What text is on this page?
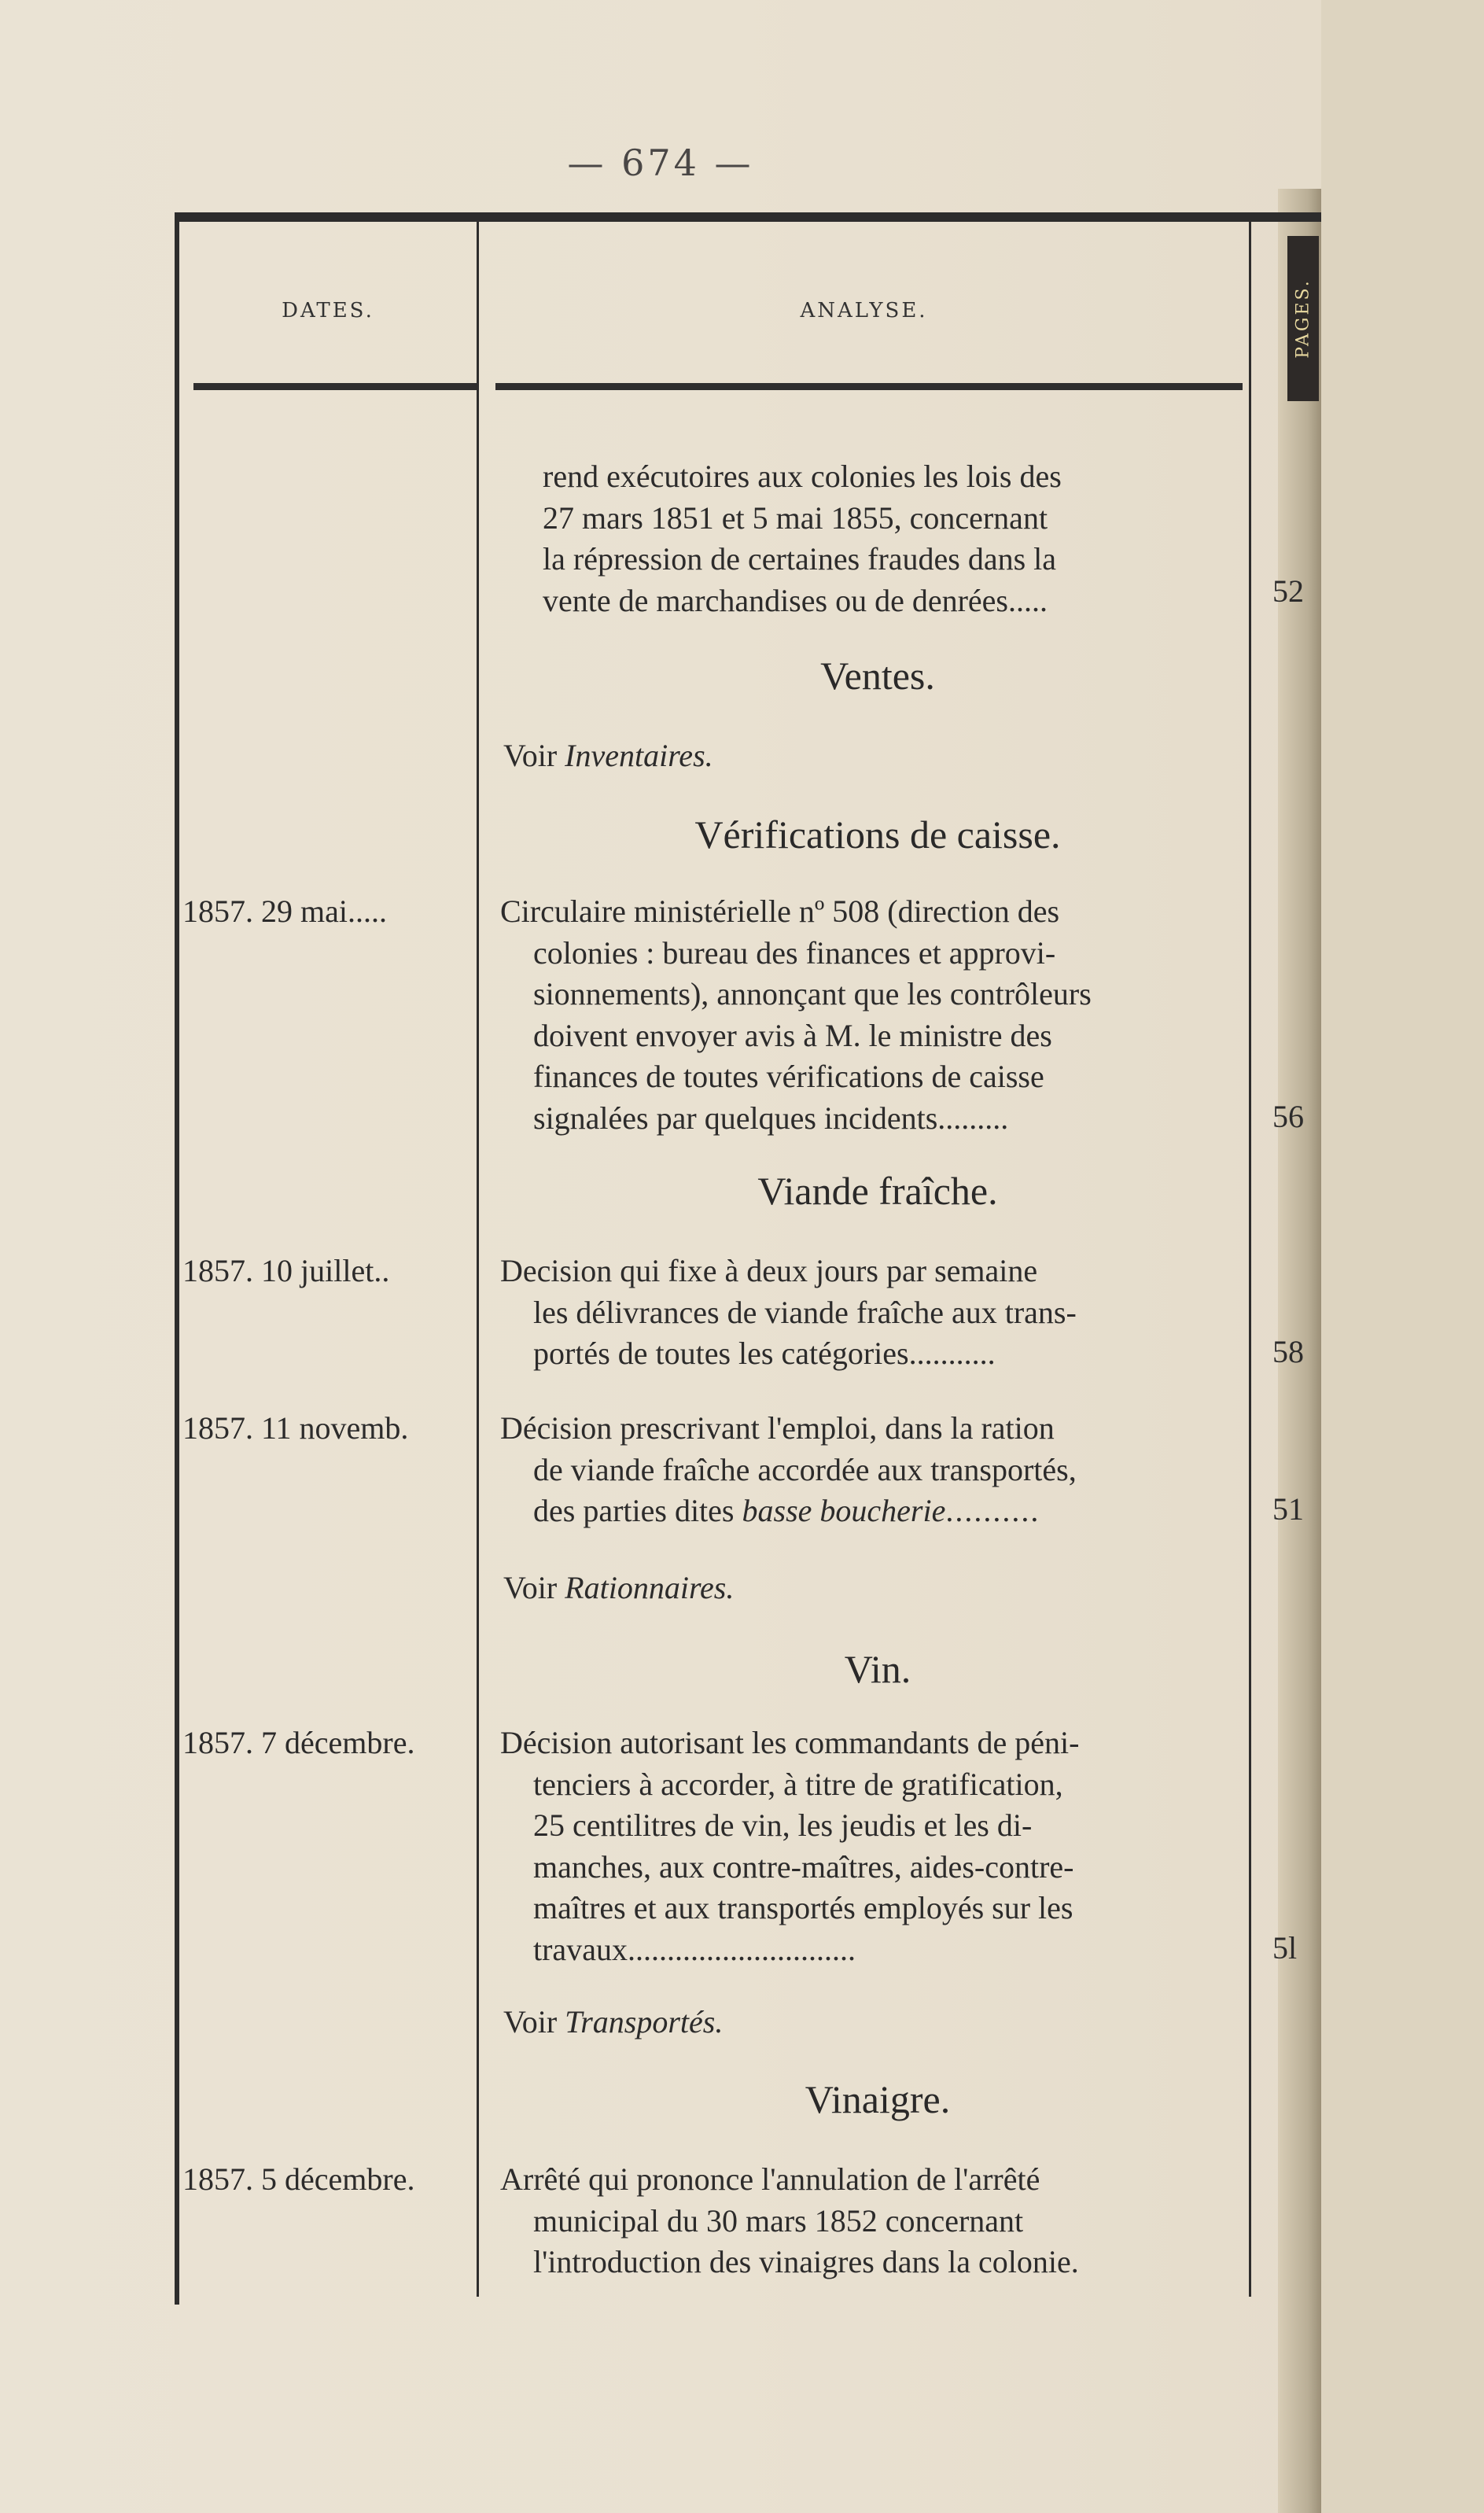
— 674 —
DATES.	ANALYSE.	PAGES.
rend exécutoires aux colonies les lois des
27 mars 1851 et 5 mai 1855, concernant
la répression de certaines fraudes dans la
vente de marchandises ou de denrées.....	52
Ventes.
Voir Inventaires.
Vérifications de caisse.
1857. 29 mai.....	Circulaire ministérielle nº 508 (direction des
colonies : bureau des finances et approvi-
sionnements), annonçant que les contrôleurs
doivent envoyer avis à M. le ministre des
finances de toutes vérifications de caisse
signalées par quelques incidents.........	56
Viande fraîche.
1857. 10 juillet..	Decision qui fixe à deux jours par semaine
les délivrances de viande fraîche aux trans-
portés de toutes les catégories...........	58
1857. 11 novemb.	Décision prescrivant l'emploi, dans la ration
de viande fraîche accordée aux transportés,
des parties dites basse boucherie..........	51
Voir Rationnaires.
Vin.
1857. 7 décembre.	Décision autorisant les commandants de péni-
tenciers à accorder, à titre de gratification,
25 centilitres de vin, les jeudis et les di-
manches, aux contre-maîtres, aides-contre-
maîtres et aux transportés employés sur les
travaux.............................	5l
Voir Transportés.
Vinaigre.
1857. 5 décembre.	Arrêté qui prononce l'annulation de l'arrêté
municipal du 30 mars 1852 concernant
l'introduction des vinaigres dans la colonie.
